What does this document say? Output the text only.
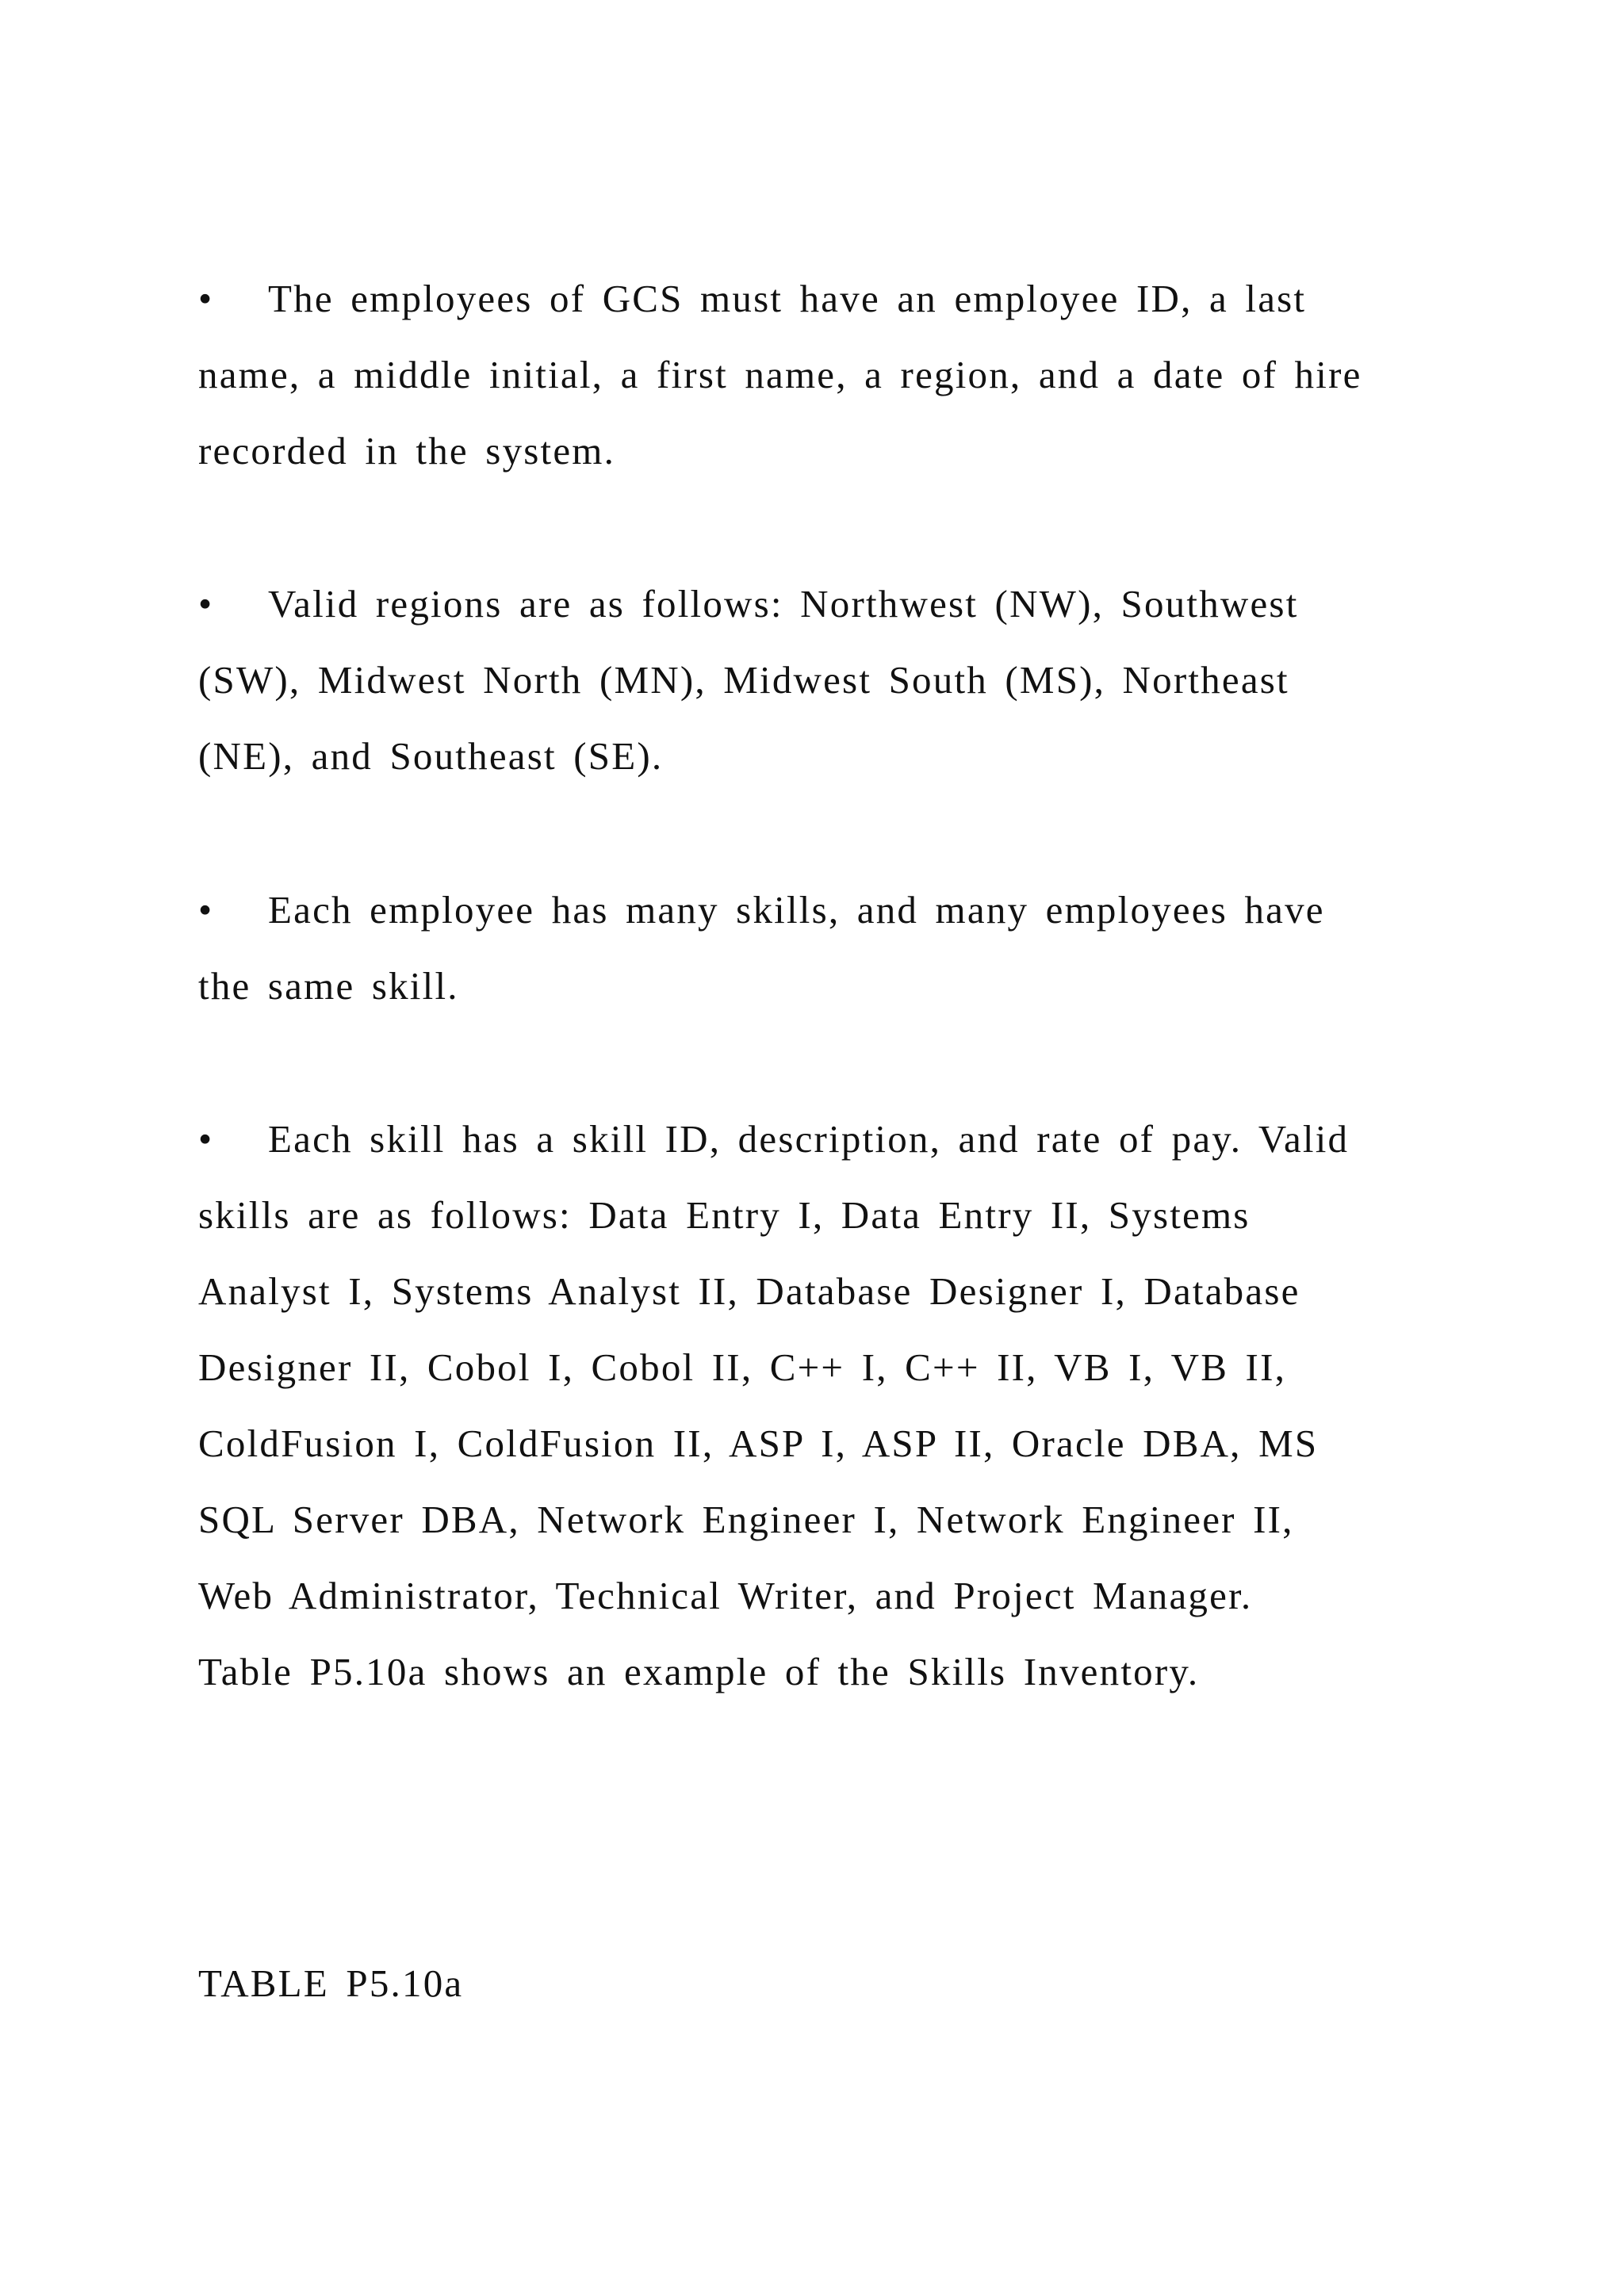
• The employees of GCS must have an employee ID, a last
name, a middle initial, a first name, a region, and a date of hire
recorded in the system.
• Valid regions are as follows: Northwest (NW), Southwest
(SW), Midwest North (MN), Midwest South (MS), Northeast
(NE), and Southeast (SE).
• Each employee has many skills, and many employees have
the same skill.
• Each skill has a skill ID, description, and rate of pay. Valid
skills are as follows: Data Entry I, Data Entry II, Systems
Analyst I, Systems Analyst II, Database Designer I, Database
Designer II, Cobol I, Cobol II, C++ I, C++ II, VB I, VB II,
ColdFusion I, ColdFusion II, ASP I, ASP II, Oracle DBA, MS
SQL Server DBA, Network Engineer I, Network Engineer II,
Web Administrator, Technical Writer, and Project Manager.
Table P5.10a shows an example of the Skills Inventory.
TABLE P5.10a
